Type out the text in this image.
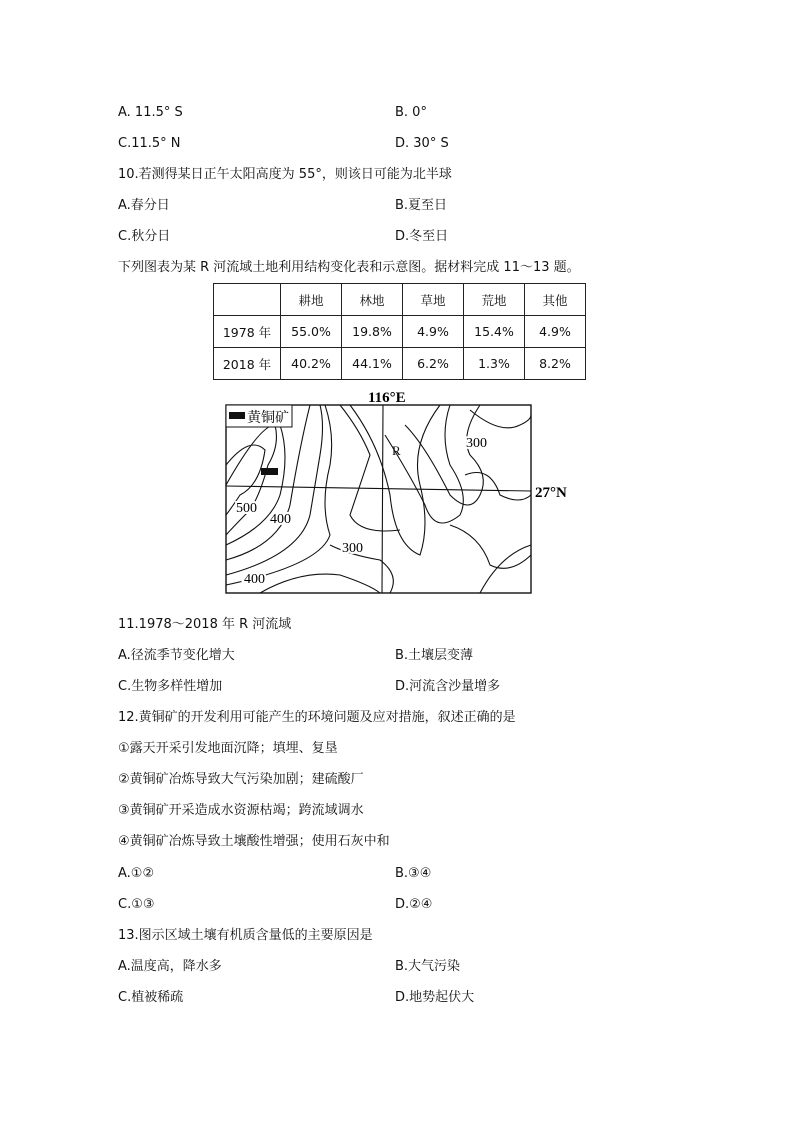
A. 11.5° S	B. 0°
C.11.5° N	D. 30° S
10.若测得某日正午太阳高度为 55°，则该日可能为北半球
A.春分日	B.夏至日
C.秋分日	D.冬至日
下列图表为某 R 河流域土地利用结构变化表和示意图。据材料完成 11～13 题。
	耕地	林地	草地	荒地	其他
1978 年	55.0%	19.8%	4.9%	15.4%	4.9%
2018 年	40.2%	44.1%	6.2%	1.3%	8.2%
黄铜矿
116°E
27°N
R	300
500
400
300
400
11.1978～2018 年 R 河流域
A.径流季节变化增大	B.土壤层变薄
C.生物多样性增加	D.河流含沙量增多
12.黄铜矿的开发利用可能产生的环境问题及应对措施，叙述正确的是
①露天开采引发地面沉降；填埋、复垦
②黄铜矿冶炼导致大气污染加剧；建硫酸厂
③黄铜矿开采造成水资源枯竭；跨流域调水
④黄铜矿冶炼导致土壤酸性增强；使用石灰中和
A.①②	B.③④
C.①③	D.②④
13.图示区域土壤有机质含量低的主要原因是
A.温度高，降水多	B.大气污染
C.植被稀疏	D.地势起伏大
